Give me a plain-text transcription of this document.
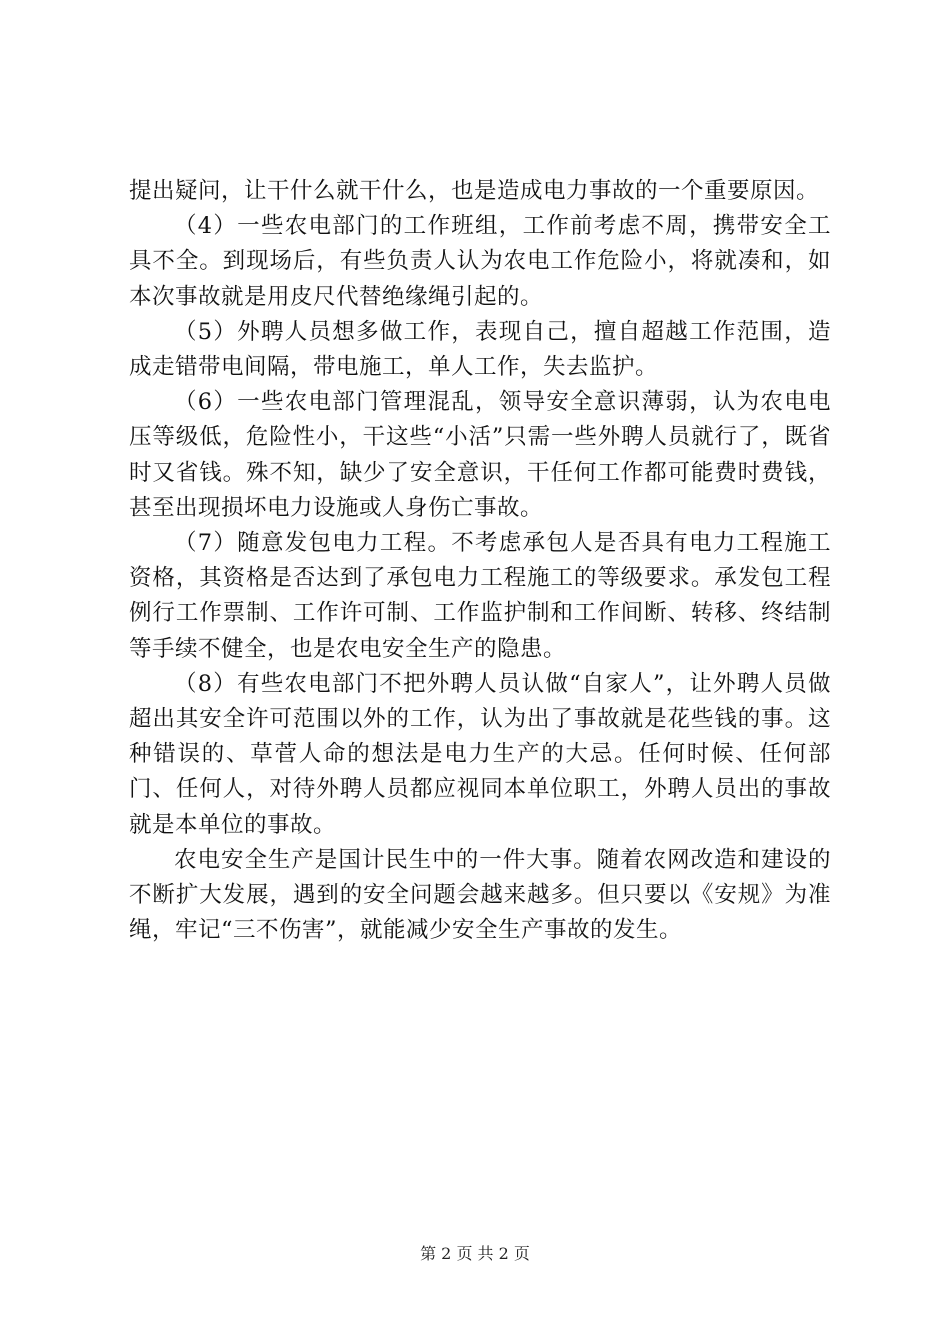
提出疑问，让干什么就干什么，也是造成电力事故的一个重要原因。

（4）一些农电部门的工作班组，工作前考虑不周，携带安全工具不全。到现场后，有些负责人认为农电工作危险小，将就凑和，如本次事故就是用皮尺代替绝缘绳引起的。

（5）外聘人员想多做工作，表现自己，擅自超越工作范围，造成走错带电间隔，带电施工，单人工作，失去监护。

（6）一些农电部门管理混乱，领导安全意识薄弱，认为农电电压等级低，危险性小，干这些“小活”只需一些外聘人员就行了，既省时又省钱。殊不知，缺少了安全意识，干任何工作都可能费时费钱，甚至出现损坏电力设施或人身伤亡事故。

（7）随意发包电力工程。不考虑承包人是否具有电力工程施工资格，其资格是否达到了承包电力工程施工的等级要求。承发包工程例行工作票制、工作许可制、工作监护制和工作间断、转移、终结制等手续不健全，也是农电安全生产的隐患。

（8）有些农电部门不把外聘人员认做“自家人”，让外聘人员做超出其安全许可范围以外的工作，认为出了事故就是花些钱的事。这种错误的、草菅人命的想法是电力生产的大忌。任何时候、任何部门、任何人，对待外聘人员都应视同本单位职工，外聘人员出的事故就是本单位的事故。

农电安全生产是国计民生中的一件大事。随着农网改造和建设的不断扩大发展，遇到的安全问题会越来越多。但只要以《安规》为准绳，牢记“三不伤害”，就能减少安全生产事故的发生。

第 2 页 共 2 页
